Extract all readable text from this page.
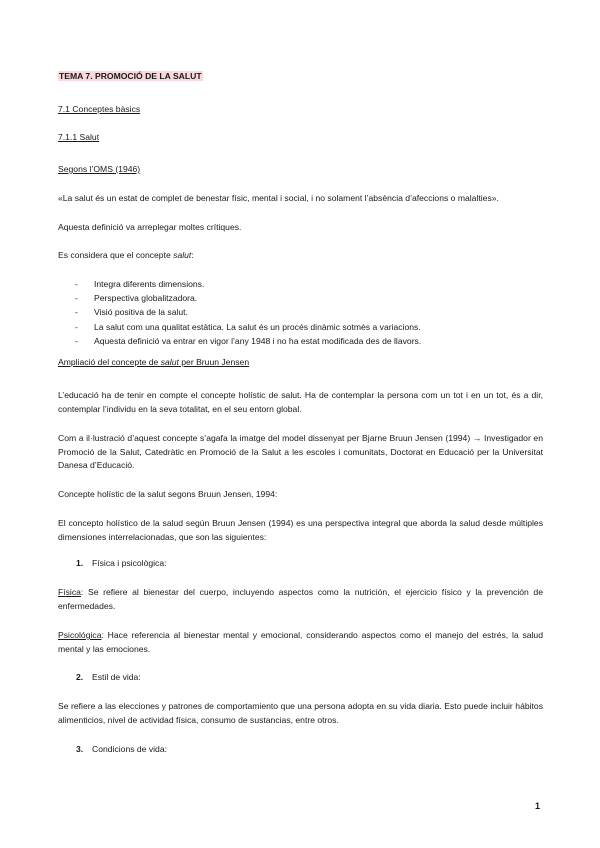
TEMA 7. PROMOCIÓ DE LA SALUT

7.1 Conceptes bàsics

7.1.1 Salut

Segons l’OMS (1946)

«La salut és un estat de complet de benestar físic, mental i social, i no solament l’absència d’afeccions o malalties».

Aquesta definició va arreplegar moltes crítiques.

Es considera que el concepte salut:

- Integra diferents dimensions.
- Perspectiva globalitzadora.
- Visió positiva de la salut.
- La salut com una qualitat estàtica. La salut és un procés dinàmic sotmès a variacions.
- Aquesta definició va entrar en vigor l’any 1948 i no ha estat modificada des de llavors.

Ampliació del concepte de salut per Bruun Jensen

L’educació ha de tenir en compte el concepte holístic de salut. Ha de contemplar la persona com un tot i en un tot, és a dir, contemplar l’individu en la seva totalitat, en el seu entorn global.

Com a il·lustració d’aquest concepte s’agafa la imatge del model dissenyat per Bjarne Bruun Jensen (1994) → Investigador en Promoció de la Salut, Catedràtic en Promoció de la Salut a les escoles i comunitats, Doctorat en Educació per la Universitat Danesa d’Educació.

Concepte holístic de la salut segons Bruun Jensen, 1994:

El concepto holístico de la salud según Bruun Jensen (1994) es una perspectiva integral que aborda la salud desde múltiples dimensiones interrelacionadas, que son las siguientes:

1. Física i psicològica:

Física: Se refiere al bienestar del cuerpo, incluyendo aspectos como la nutrición, el ejercicio físico y la prevención de enfermedades.

Psicológica: Hace referencia al bienestar mental y emocional, considerando aspectos como el manejo del estrés, la salud mental y las emociones.

2. Estil de vida:

Se refiere a las elecciones y patrones de comportamiento que una persona adopta en su vida diaria. Esto puede incluir hábitos alimenticios, nivel de actividad física, consumo de sustancias, entre otros.

3. Condicions de vida:
1
